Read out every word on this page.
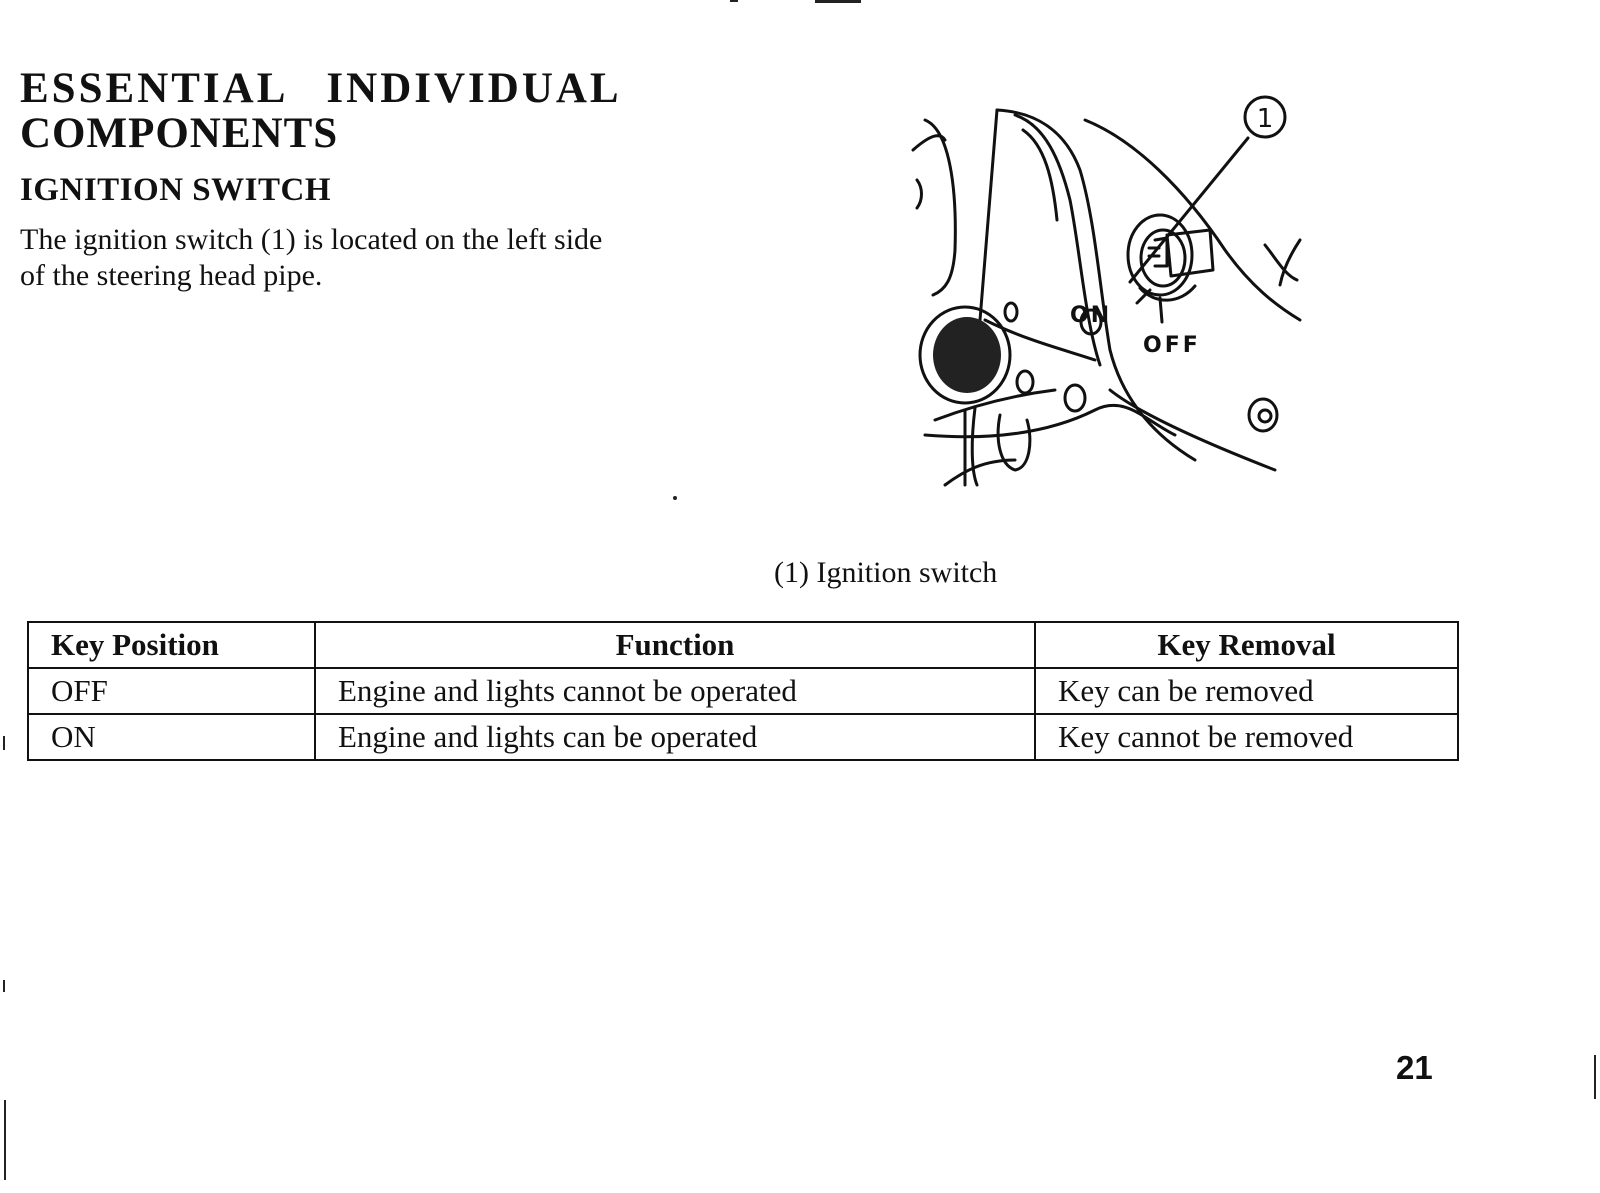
ESSENTIAL INDIVIDUAL
COMPONENTS
IGNITION SWITCH

The ignition switch (1) is located on the left side
of the steering head pipe.

1
ON
OFF

(1) Ignition switch

Key Position	Function	Key Removal
OFF	Engine and lights cannot be operated	Key can be removed
ON	Engine and lights can be operated	Key cannot be removed

21
